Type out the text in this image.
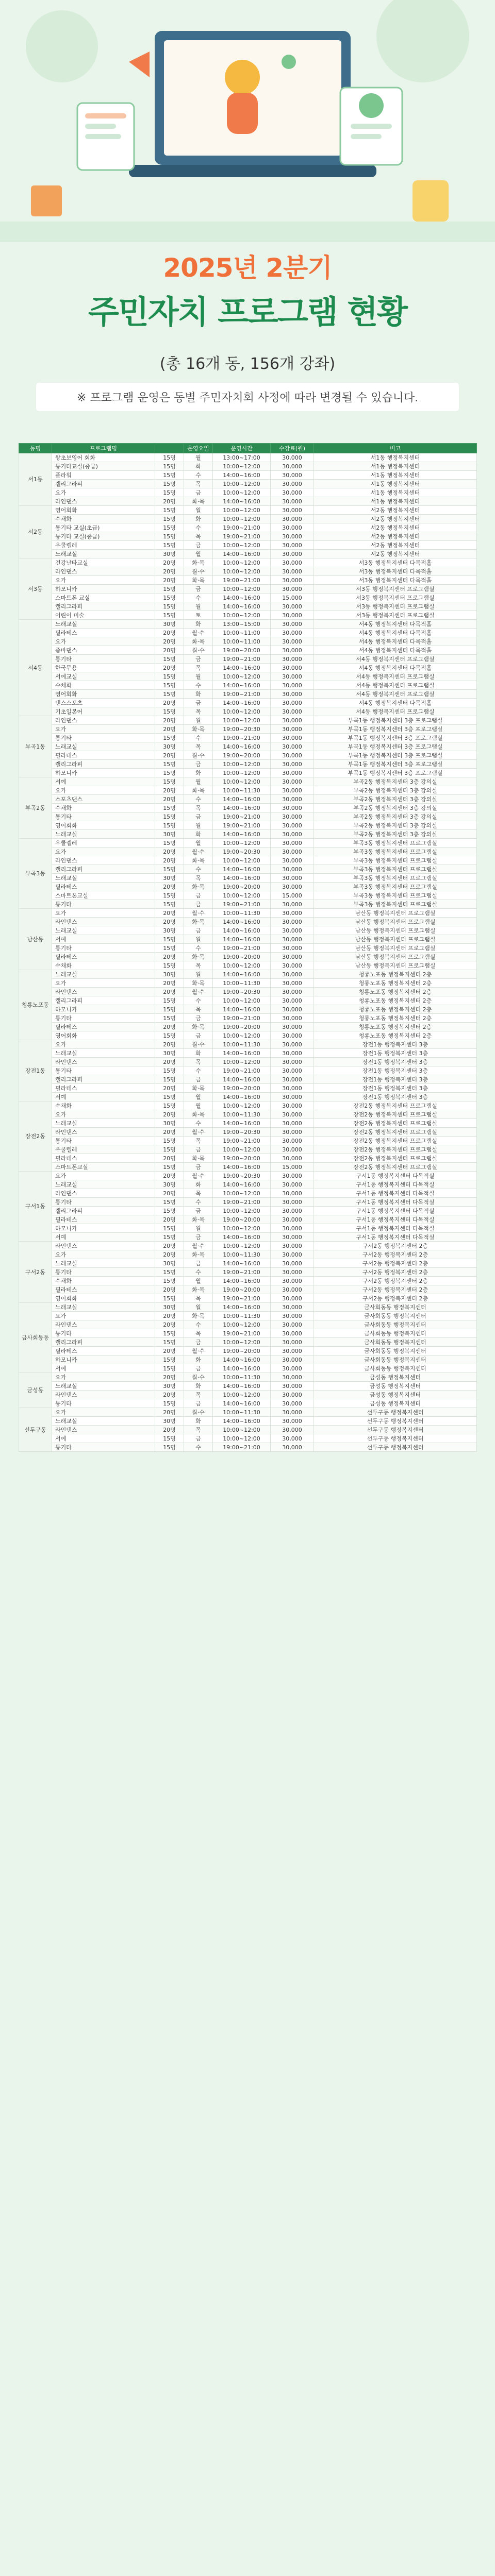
2025년 2분기
주민자치 프로그램 현황
(총 16개 동, 156개 강좌)
※ 프로그램 운영은 동별 주민자치회 사정에 따라 변경될 수 있습니다.
동명	프로그램명		운영요일	운영시간	수강료(원)	비고
서1동	왕초보영어 회화	15명	월	13:00~17:00	30,000	서1동 행정복지센터
	통기타교실(중급)	15명	화	10:00~12:00	30,000	서1동 행정복지센터
	플라워	15명	수	14:00~16:00	30,000	서1동 행정복지센터
	캘리그라피	15명	목	10:00~12:00	30,000	서1동 행정복지센터
	요가	15명	금	10:00~12:00	30,000	서1동 행정복지센터
	라인댄스	20명	화·목	14:00~16:00	30,000	서1동 행정복지센터
서2동	영어회화	15명	월	10:00~12:00	30,000	서2동 행정복지센터
	수채화	15명	화	10:00~12:00	30,000	서2동 행정복지센터
	통기타 교실(초급)	15명	수	19:00~21:00	30,000	서2동 행정복지센터
	통기타 교실(중급)	15명	목	19:00~21:00	30,000	서2동 행정복지센터
	우쿨렐레	15명	금	10:00~12:00	30,000	서2동 행정복지센터
	노래교실	30명	월	14:00~16:00	30,000	서2동 행정복지센터
서3동	건강난타교실	20명	화·목	10:00~12:00	30,000	서3동 행정복지센터 다목적홀
	라인댄스	20명	월·수	10:00~12:00	30,000	서3동 행정복지센터 다목적홀
	요가	20명	화·목	19:00~21:00	30,000	서3동 행정복지센터 다목적홀
	하모니카	15명	금	10:00~12:00	30,000	서3동 행정복지센터 프로그램실
	스마트폰 교실	15명	수	14:00~16:00	15,000	서3동 행정복지센터 프로그램실
	캘리그라피	15명	월	14:00~16:00	30,000	서3동 행정복지센터 프로그램실
	어린이 미술	15명	토	10:00~12:00	30,000	서3동 행정복지센터 프로그램실
서4동	노래교실	30명	화	13:00~15:00	30,000	서4동 행정복지센터 다목적홀
	필라테스	20명	월·수	10:00~11:00	30,000	서4동 행정복지센터 다목적홀
	요가	20명	화·목	10:00~11:00	30,000	서4동 행정복지센터 다목적홀
	줌바댄스	20명	월·수	19:00~20:00	30,000	서4동 행정복지센터 다목적홀
	통기타	15명	금	19:00~21:00	30,000	서4동 행정복지센터 프로그램실
	한국무용	20명	목	14:00~16:00	30,000	서4동 행정복지센터 다목적홀
	서예교실	15명	월	10:00~12:00	30,000	서4동 행정복지센터 프로그램실
	수채화	15명	수	14:00~16:00	30,000	서4동 행정복지센터 프로그램실
	영어회화	15명	화	19:00~21:00	30,000	서4동 행정복지센터 프로그램실
	댄스스포츠	20명	금	14:00~16:00	30,000	서4동 행정복지센터 다목적홀
	기초일본어	15명	목	10:00~12:00	30,000	서4동 행정복지센터 프로그램실
부곡1동	라인댄스	20명	월	10:00~12:00	30,000	부곡1동 행정복지센터 3층 프로그램실
	요가	20명	화·목	19:00~20:30	30,000	부곡1동 행정복지센터 3층 프로그램실
	통기타	15명	수	19:00~21:00	30,000	부곡1동 행정복지센터 3층 프로그램실
	노래교실	30명	목	14:00~16:00	30,000	부곡1동 행정복지센터 3층 프로그램실
	필라테스	20명	월·수	19:00~20:00	30,000	부곡1동 행정복지센터 3층 프로그램실
	캘리그라피	15명	금	10:00~12:00	30,000	부곡1동 행정복지센터 3층 프로그램실
	하모니카	15명	화	10:00~12:00	30,000	부곡1동 행정복지센터 3층 프로그램실
부곡2동	서예	15명	월	10:00~12:00	30,000	부곡2동 행정복지센터 3층 강의실
	요가	20명	화·목	10:00~11:30	30,000	부곡2동 행정복지센터 3층 강의실
	스포츠댄스	20명	수	14:00~16:00	30,000	부곡2동 행정복지센터 3층 강의실
	수채화	15명	목	14:00~16:00	30,000	부곡2동 행정복지센터 3층 강의실
	통기타	15명	금	19:00~21:00	30,000	부곡2동 행정복지센터 3층 강의실
	영어회화	15명	월	19:00~21:00	30,000	부곡2동 행정복지센터 3층 강의실
	노래교실	30명	화	14:00~16:00	30,000	부곡2동 행정복지센터 3층 강의실
부곡3동	우쿨렐레	15명	월	10:00~12:00	30,000	부곡3동 행정복지센터 프로그램실
	요가	20명	월·수	19:00~20:30	30,000	부곡3동 행정복지센터 프로그램실
	라인댄스	20명	화·목	10:00~12:00	30,000	부곡3동 행정복지센터 프로그램실
	캘리그라피	15명	수	14:00~16:00	30,000	부곡3동 행정복지센터 프로그램실
	노래교실	30명	목	14:00~16:00	30,000	부곡3동 행정복지센터 프로그램실
	필라테스	20명	화·목	19:00~20:00	30,000	부곡3동 행정복지센터 프로그램실
	스마트폰교실	15명	금	10:00~12:00	15,000	부곡3동 행정복지센터 프로그램실
	통기타	15명	금	19:00~21:00	30,000	부곡3동 행정복지센터 프로그램실
남산동	요가	20명	월·수	10:00~11:30	30,000	남산동 행정복지센터 프로그램실
	라인댄스	20명	화·목	14:00~16:00	30,000	남산동 행정복지센터 프로그램실
	노래교실	30명	금	14:00~16:00	30,000	남산동 행정복지센터 프로그램실
	서예	15명	월	14:00~16:00	30,000	남산동 행정복지센터 프로그램실
	통기타	15명	수	19:00~21:00	30,000	남산동 행정복지센터 프로그램실
	필라테스	20명	화·목	19:00~20:00	30,000	남산동 행정복지센터 프로그램실
	수채화	15명	목	10:00~12:00	30,000	남산동 행정복지센터 프로그램실
청룡노포동	노래교실	30명	월	14:00~16:00	30,000	청룡노포동 행정복지센터 2층
	요가	20명	화·목	10:00~11:30	30,000	청룡노포동 행정복지센터 2층
	라인댄스	20명	월·수	19:00~20:30	30,000	청룡노포동 행정복지센터 2층
	캘리그라피	15명	수	10:00~12:00	30,000	청룡노포동 행정복지센터 2층
	하모니카	15명	목	14:00~16:00	30,000	청룡노포동 행정복지센터 2층
	통기타	15명	금	19:00~21:00	30,000	청룡노포동 행정복지센터 2층
	필라테스	20명	화·목	19:00~20:00	30,000	청룡노포동 행정복지센터 2층
	영어회화	15명	금	10:00~12:00	30,000	청룡노포동 행정복지센터 2층
장전1동	요가	20명	월·수	10:00~11:30	30,000	장전1동 행정복지센터 3층
	노래교실	30명	화	14:00~16:00	30,000	장전1동 행정복지센터 3층
	라인댄스	20명	목	10:00~12:00	30,000	장전1동 행정복지센터 3층
	통기타	15명	수	19:00~21:00	30,000	장전1동 행정복지센터 3층
	캘리그라피	15명	금	14:00~16:00	30,000	장전1동 행정복지센터 3층
	필라테스	20명	화·목	19:00~20:00	30,000	장전1동 행정복지센터 3층
	서예	15명	월	14:00~16:00	30,000	장전1동 행정복지센터 3층
장전2동	수채화	15명	월	10:00~12:00	30,000	장전2동 행정복지센터 프로그램실
	요가	20명	화·목	10:00~11:30	30,000	장전2동 행정복지센터 프로그램실
	노래교실	30명	수	14:00~16:00	30,000	장전2동 행정복지센터 프로그램실
	라인댄스	20명	월·수	19:00~20:30	30,000	장전2동 행정복지센터 프로그램실
	통기타	15명	목	19:00~21:00	30,000	장전2동 행정복지센터 프로그램실
	우쿨렐레	15명	금	10:00~12:00	30,000	장전2동 행정복지센터 프로그램실
	필라테스	20명	화·목	19:00~20:00	30,000	장전2동 행정복지센터 프로그램실
	스마트폰교실	15명	금	14:00~16:00	15,000	장전2동 행정복지센터 프로그램실
구서1동	요가	20명	월·수	19:00~20:30	30,000	구서1동 행정복지센터 다목적실
	노래교실	30명	화	14:00~16:00	30,000	구서1동 행정복지센터 다목적실
	라인댄스	20명	목	10:00~12:00	30,000	구서1동 행정복지센터 다목적실
	통기타	15명	수	19:00~21:00	30,000	구서1동 행정복지센터 다목적실
	캘리그라피	15명	금	10:00~12:00	30,000	구서1동 행정복지센터 다목적실
	필라테스	20명	화·목	19:00~20:00	30,000	구서1동 행정복지센터 다목적실
	하모니카	15명	월	10:00~12:00	30,000	구서1동 행정복지센터 다목적실
	서예	15명	금	14:00~16:00	30,000	구서1동 행정복지센터 다목적실
구서2동	라인댄스	20명	월·수	10:00~12:00	30,000	구서2동 행정복지센터 2층
	요가	20명	화·목	10:00~11:30	30,000	구서2동 행정복지센터 2층
	노래교실	30명	금	14:00~16:00	30,000	구서2동 행정복지센터 2층
	통기타	15명	수	19:00~21:00	30,000	구서2동 행정복지센터 2층
	수채화	15명	월	14:00~16:00	30,000	구서2동 행정복지센터 2층
	필라테스	20명	화·목	19:00~20:00	30,000	구서2동 행정복지센터 2층
	영어회화	15명	목	19:00~21:00	30,000	구서2동 행정복지센터 2층
금사회동동	노래교실	30명	월	14:00~16:00	30,000	금사회동동 행정복지센터
	요가	20명	화·목	10:00~11:30	30,000	금사회동동 행정복지센터
	라인댄스	20명	수	10:00~12:00	30,000	금사회동동 행정복지센터
	통기타	15명	목	19:00~21:00	30,000	금사회동동 행정복지센터
	캘리그라피	15명	금	10:00~12:00	30,000	금사회동동 행정복지센터
	필라테스	20명	월·수	19:00~20:00	30,000	금사회동동 행정복지센터
	하모니카	15명	화	14:00~16:00	30,000	금사회동동 행정복지센터
	서예	15명	금	14:00~16:00	30,000	금사회동동 행정복지센터
금성동	요가	20명	월·수	10:00~11:30	30,000	금성동 행정복지센터
	노래교실	30명	화	14:00~16:00	30,000	금성동 행정복지센터
	라인댄스	20명	목	10:00~12:00	30,000	금성동 행정복지센터
	통기타	15명	금	14:00~16:00	30,000	금성동 행정복지센터
선두구동	요가	20명	월·수	10:00~11:30	30,000	선두구동 행정복지센터
	노래교실	30명	화	14:00~16:00	30,000	선두구동 행정복지센터
	라인댄스	20명	목	10:00~12:00	30,000	선두구동 행정복지센터
	서예	15명	금	10:00~12:00	30,000	선두구동 행정복지센터
	통기타	15명	수	19:00~21:00	30,000	선두구동 행정복지센터
